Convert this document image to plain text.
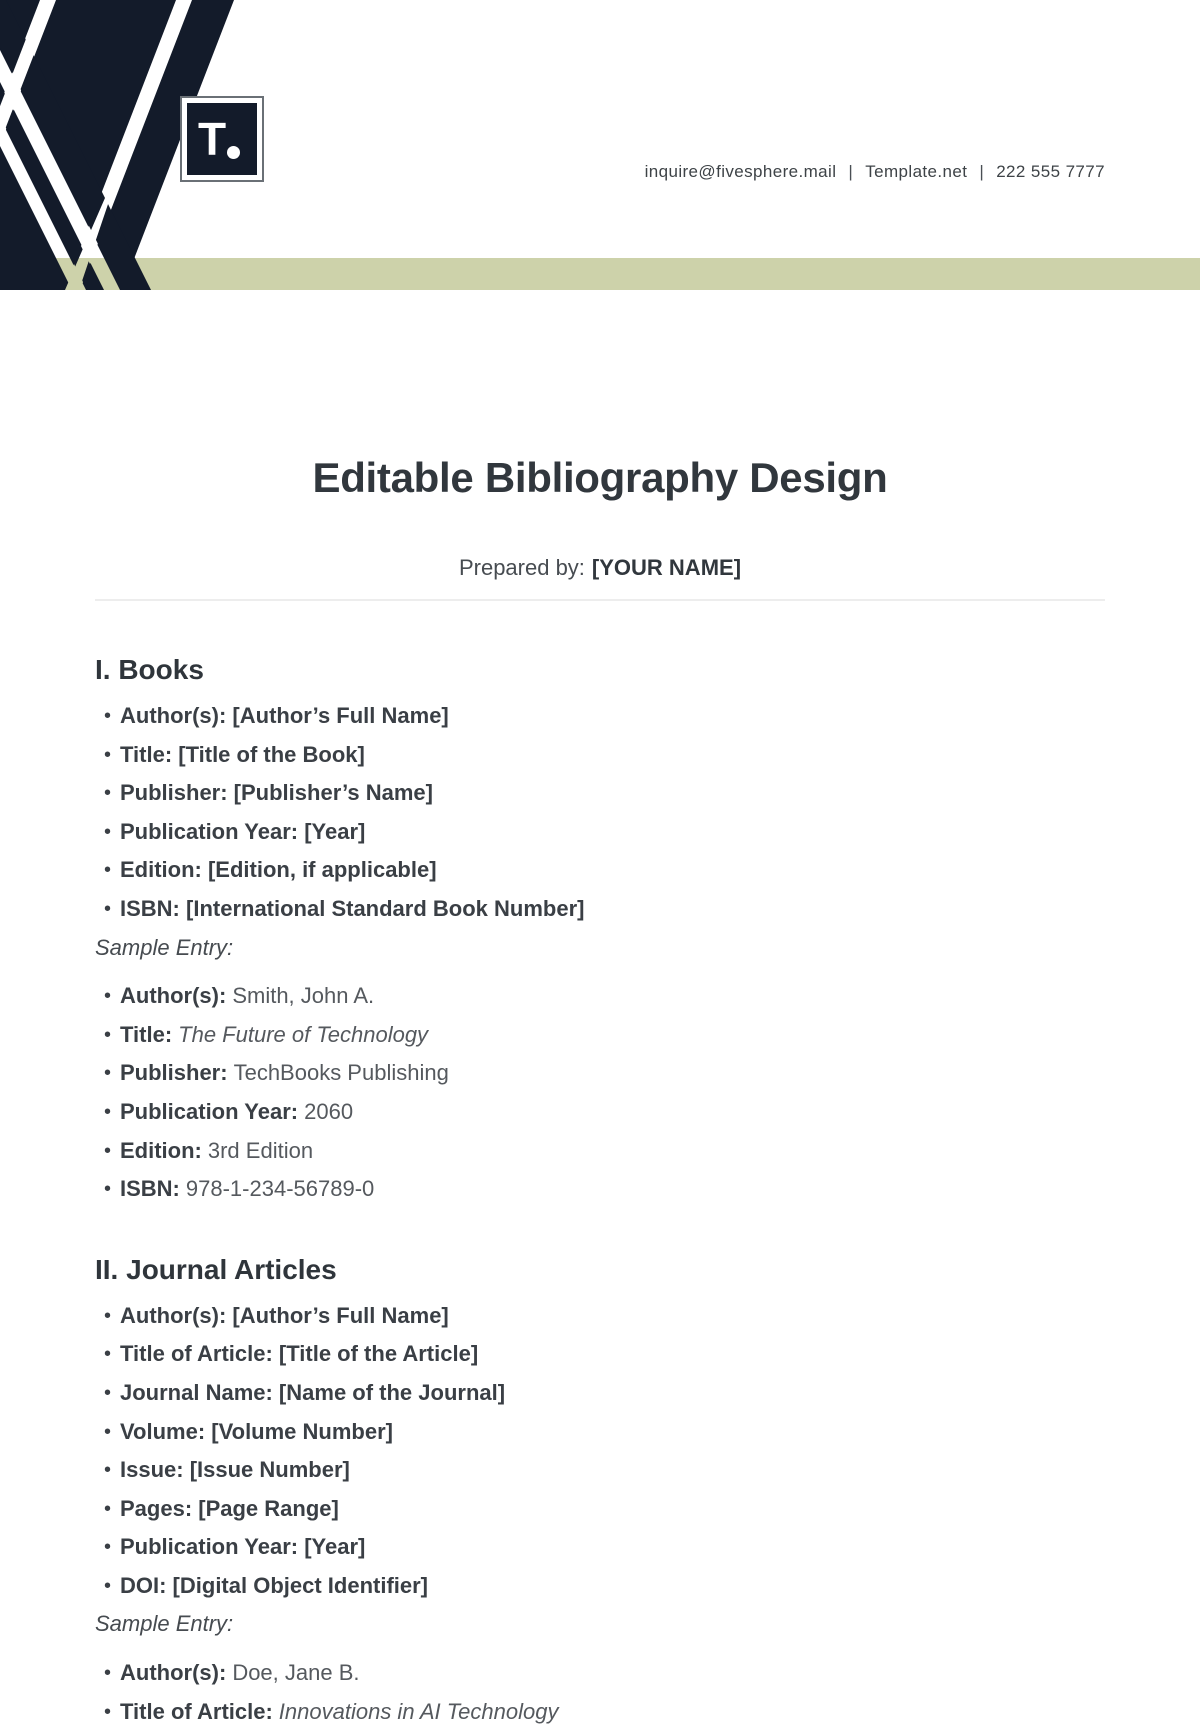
T
inquire@fivesphere.mail | Template.net | 222 555 7777
Editable Bibliography Design
Prepared by: [YOUR NAME]
I. Books
• Author(s): [Author’s Full Name]
• Title: [Title of the Book]
• Publisher: [Publisher’s Name]
• Publication Year: [Year]
• Edition: [Edition, if applicable]
• ISBN: [International Standard Book Number]
Sample Entry:
• Author(s): Smith, John A.
• Title: The Future of Technology
• Publisher: TechBooks Publishing
• Publication Year: 2060
• Edition: 3rd Edition
• ISBN: 978-1-234-56789-0
II. Journal Articles
• Author(s): [Author’s Full Name]
• Title of Article: [Title of the Article]
• Journal Name: [Name of the Journal]
• Volume: [Volume Number]
• Issue: [Issue Number]
• Pages: [Page Range]
• Publication Year: [Year]
• DOI: [Digital Object Identifier]
Sample Entry:
• Author(s): Doe, Jane B.
• Title of Article: Innovations in AI Technology
